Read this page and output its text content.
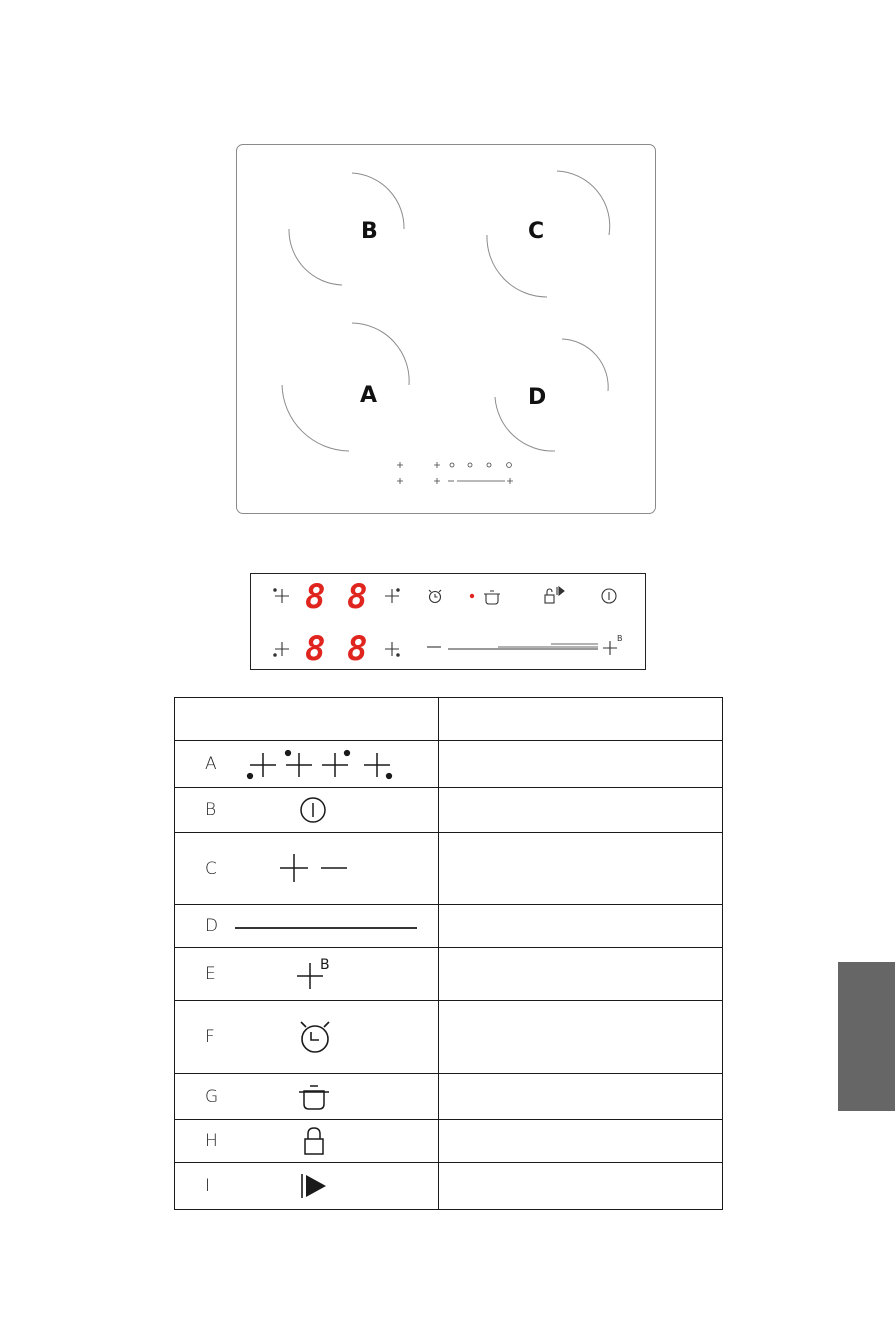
B	C
A	D
B
8 8
8 8

A	

B	

C	

D	

E B	

F	

G	

H	

I	
